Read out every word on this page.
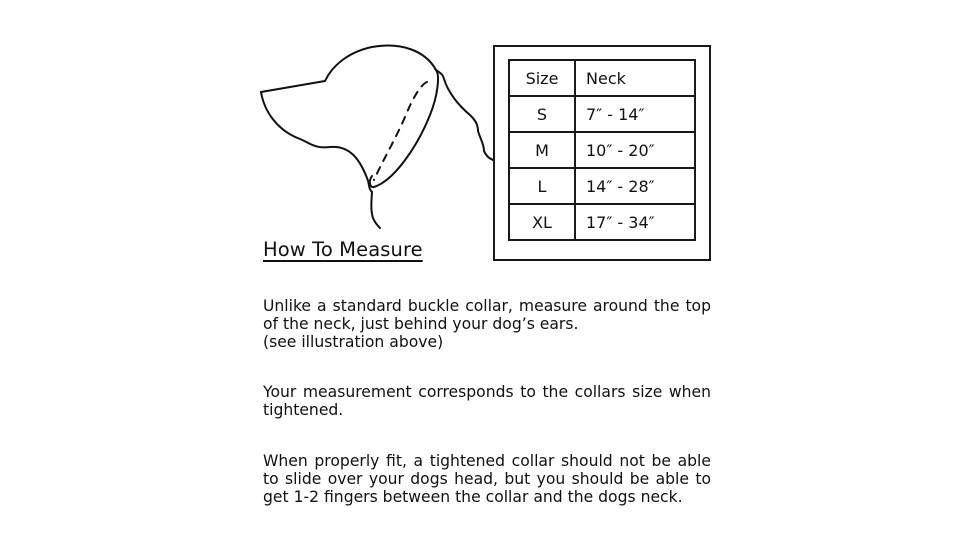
Size	Neck
S	7″ - 14″
M	10″ - 20″
L	14″ - 28″
XL	17″ - 34″
How To Measure

Unlike a standard buckle collar, measure around the top of the neck, just behind your dog’s ears.

(see illustration above)

Your measurement corresponds to the collars size when tightened.

When properly fit, a tightened collar should not be able to slide over your dogs head, but you should be able to get 1-2 fingers between the collar and the dogs neck.
